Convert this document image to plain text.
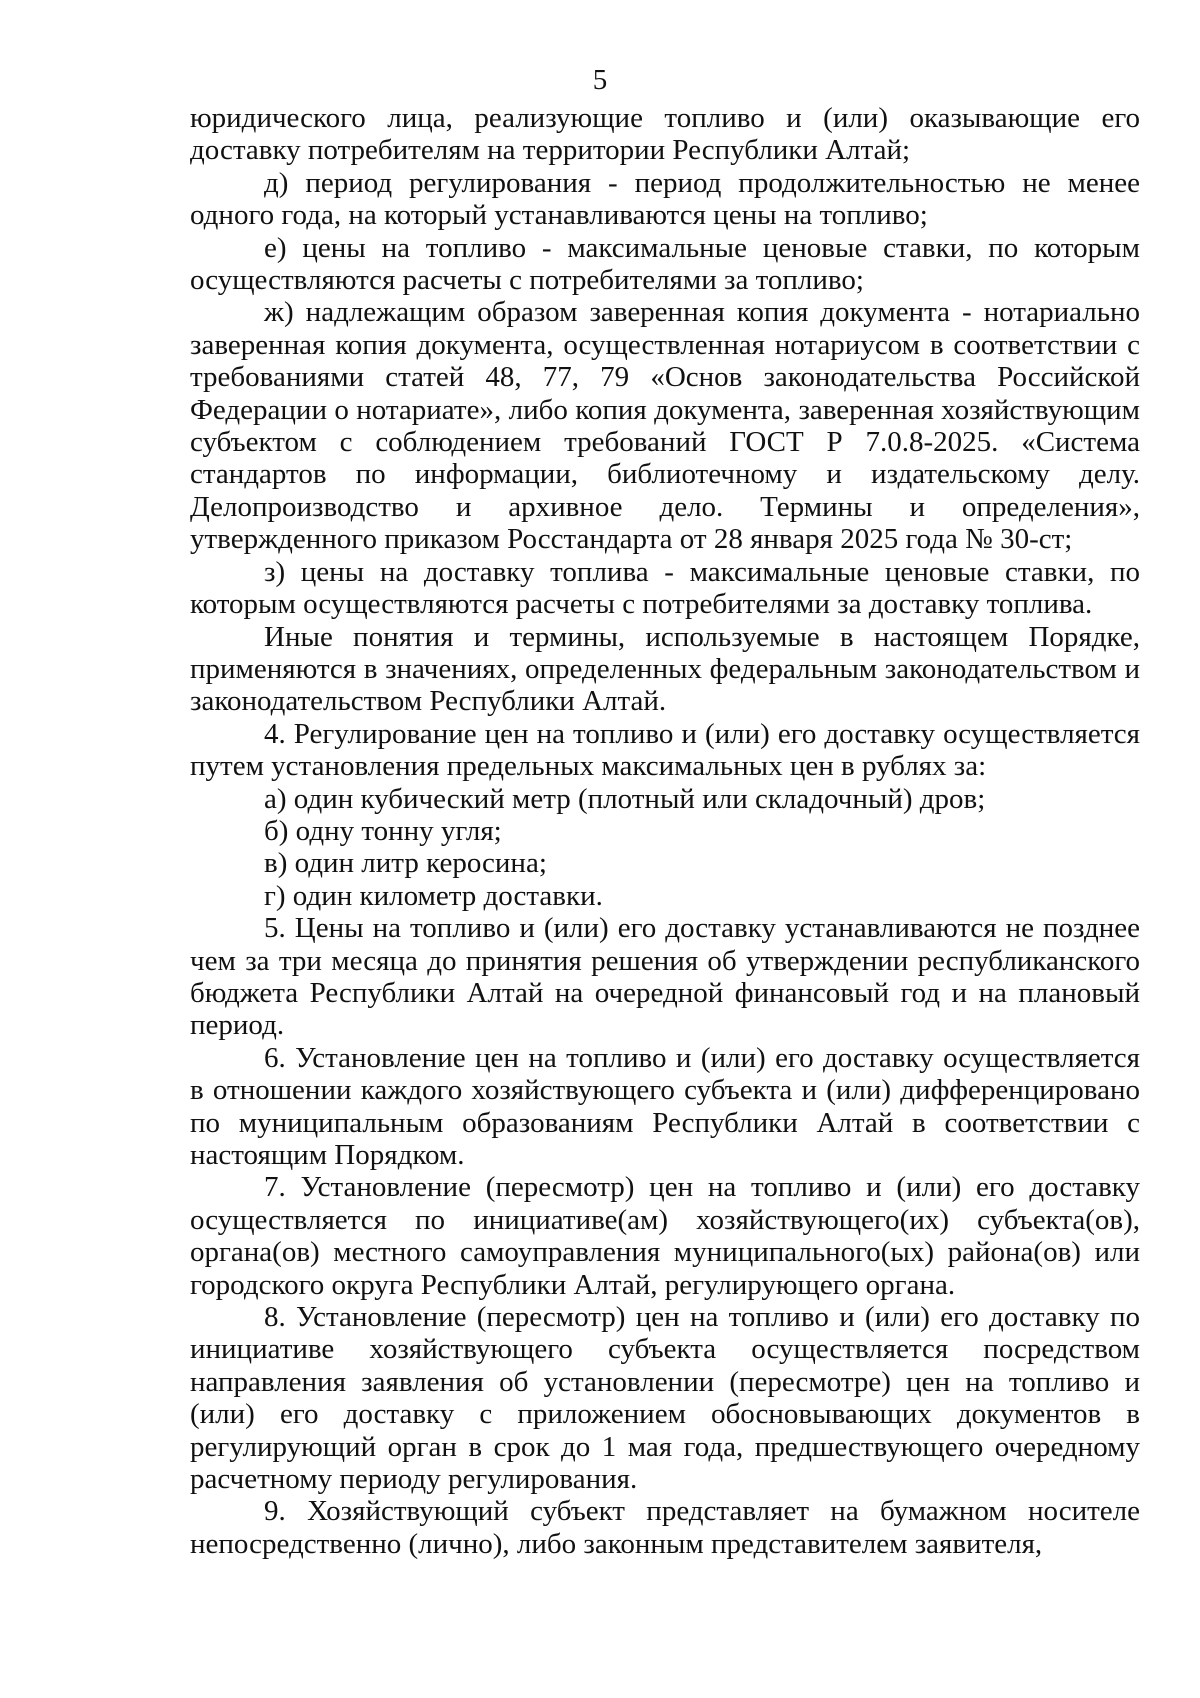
5

юридического лица, реализующие топливо и (или) оказывающие его доставку потребителям на территории Республики Алтай;

д) период регулирования - период продолжительностью не менее одного года, на который устанавливаются цены на топливо;

е) цены на топливо - максимальные ценовые ставки, по которым осуществляются расчеты с потребителями за топливо;

ж) надлежащим образом заверенная копия документа - нотариально заверенная копия документа, осуществленная нотариусом в соответствии с требованиями статей 48, 77, 79 «Основ законодательства Российской Федерации о нотариате», либо копия документа, заверенная хозяйствующим субъектом с соблюдением требований ГОСТ Р 7.0.8-2025. «Система стандартов по информации, библиотечному и издательскому делу. Делопроизводство и архивное дело. Термины и определения», утвержденного приказом Росстандарта от 28 января 2025 года № 30-ст;

з) цены на доставку топлива - максимальные ценовые ставки, по которым осуществляются расчеты с потребителями за доставку топлива.

Иные понятия и термины, используемые в настоящем Порядке, применяются в значениях, определенных федеральным законодательством и законодательством Республики Алтай.

4. Регулирование цен на топливо и (или) его доставку осуществляется путем установления предельных максимальных цен в рублях за:

а) один кубический метр (плотный или складочный) дров;

б) одну тонну угля;

в) один литр керосина;

г) один километр доставки.

5. Цены на топливо и (или) его доставку устанавливаются не позднее чем за три месяца до принятия решения об утверждении республиканского бюджета Республики Алтай на очередной финансовый год и на плановый период.

6. Установление цен на топливо и (или) его доставку осуществляется в отношении каждого хозяйствующего субъекта и (или) дифференцировано по муниципальным образованиям Республики Алтай в соответствии с настоящим Порядком.

7. Установление (пересмотр) цен на топливо и (или) его доставку осуществляется по инициативе(ам) хозяйствующего(их) субъекта(ов), органа(ов) местного самоуправления муниципального(ых) района(ов) или городского округа Республики Алтай, регулирующего органа.

8. Установление (пересмотр) цен на топливо и (или) его доставку по инициативе хозяйствующего субъекта осуществляется посредством направления заявления об установлении (пересмотре) цен на топливо и (или) его доставку с приложением обосновывающих документов в регулирующий орган в срок до 1 мая года, предшествующего очередному расчетному периоду регулирования.

9. Хозяйствующий субъект представляет на бумажном носителе непосредственно (лично), либо законным представителем заявителя,
